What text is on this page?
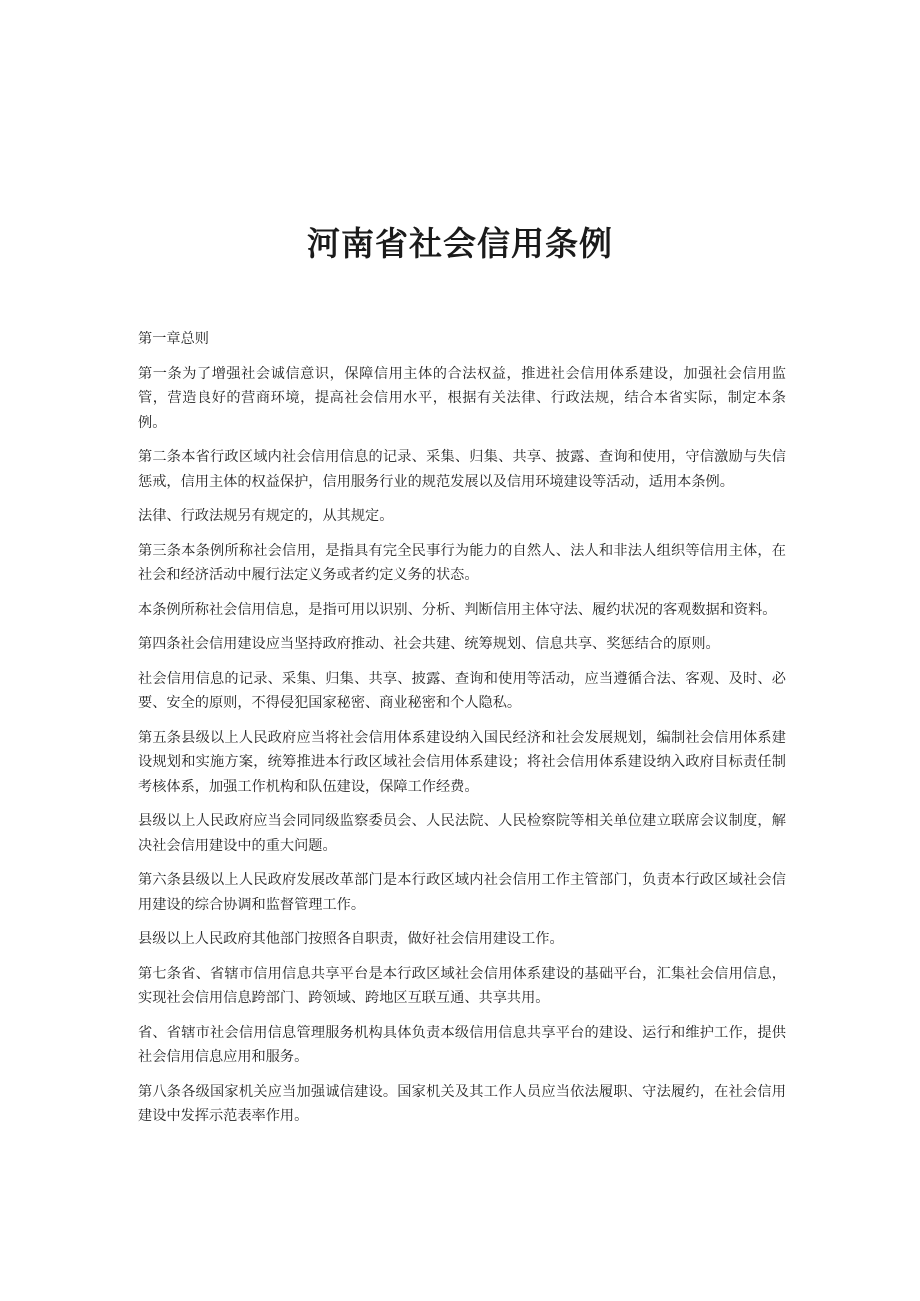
河南省社会信用条例

第一章总则

第一条为了增强社会诚信意识，保障信用主体的合法权益，推进社会信用体系建设，加强社会信用监管，营造良好的营商环境，提高社会信用水平，根据有关法律、行政法规，结合本省实际，制定本条例。

第二条本省行政区域内社会信用信息的记录、采集、归集、共享、披露、查询和使用，守信激励与失信惩戒，信用主体的权益保护，信用服务行业的规范发展以及信用环境建设等活动，适用本条例。

法律、行政法规另有规定的，从其规定。

第三条本条例所称社会信用，是指具有完全民事行为能力的自然人、法人和非法人组织等信用主体，在社会和经济活动中履行法定义务或者约定义务的状态。

本条例所称社会信用信息，是指可用以识别、分析、判断信用主体守法、履约状况的客观数据和资料。

第四条社会信用建设应当坚持政府推动、社会共建、统筹规划、信息共享、奖惩结合的原则。

社会信用信息的记录、采集、归集、共享、披露、查询和使用等活动，应当遵循合法、客观、及时、必要、安全的原则，不得侵犯国家秘密、商业秘密和个人隐私。

第五条县级以上人民政府应当将社会信用体系建设纳入国民经济和社会发展规划，编制社会信用体系建设规划和实施方案，统筹推进本行政区域社会信用体系建设；将社会信用体系建设纳入政府目标责任制考核体系，加强工作机构和队伍建设，保障工作经费。

县级以上人民政府应当会同同级监察委员会、人民法院、人民检察院等相关单位建立联席会议制度，解决社会信用建设中的重大问题。

第六条县级以上人民政府发展改革部门是本行政区域内社会信用工作主管部门，负责本行政区域社会信用建设的综合协调和监督管理工作。

县级以上人民政府其他部门按照各自职责，做好社会信用建设工作。

第七条省、省辖市信用信息共享平台是本行政区域社会信用体系建设的基础平台，汇集社会信用信息，实现社会信用信息跨部门、跨领域、跨地区互联互通、共享共用。

省、省辖市社会信用信息管理服务机构具体负责本级信用信息共享平台的建设、运行和维护工作，提供社会信用信息应用和服务。

第八条各级国家机关应当加强诚信建设。国家机关及其工作人员应当依法履职、守法履约，在社会信用建设中发挥示范表率作用。
